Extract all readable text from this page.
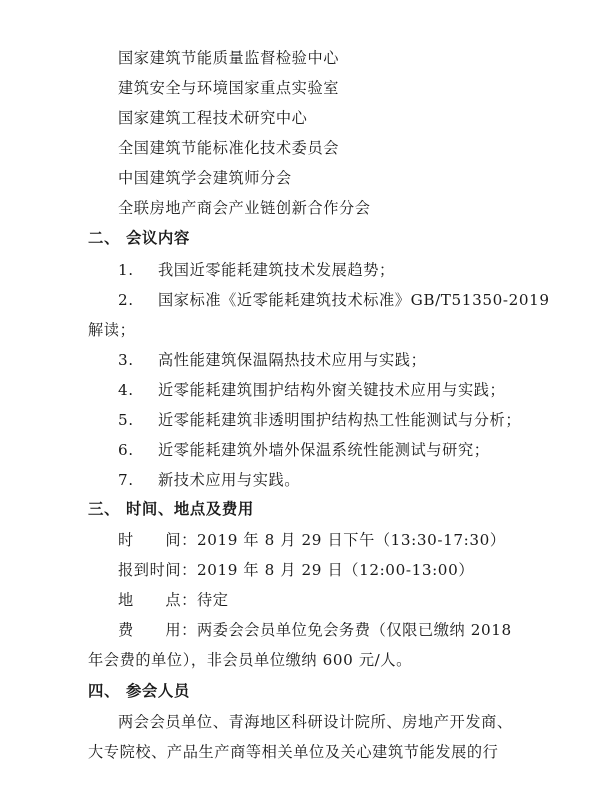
国家建筑节能质量监督检验中心
建筑安全与环境国家重点实验室
国家建筑工程技术研究中心
全国建筑节能标准化技术委员会
中国建筑学会建筑师分会
全联房地产商会产业链创新合作分会
二、 会议内容
1. 我国近零能耗建筑技术发展趋势；
2. 国家标准《近零能耗建筑技术标准》GB/T51350-2019
解读；
3. 高性能建筑保温隔热技术应用与实践；
4. 近零能耗建筑围护结构外窗关键技术应用与实践；
5. 近零能耗建筑非透明围护结构热工性能测试与分析；
6. 近零能耗建筑外墙外保温系统性能测试与研究；
7. 新技术应用与实践。
三、 时间、地点及费用
时　　间：2019 年 8 月 29 日下午（13:30-17:30）
报到时间：2019 年 8 月 29 日（12:00-13:00）
地　　点：待定
费　　用：两委会会员单位免会务费（仅限已缴纳 2018
年会费的单位），非会员单位缴纳 600 元/人。
四、 参会人员
两会会员单位、青海地区科研设计院所、房地产开发商、
大专院校、产品生产商等相关单位及关心建筑节能发展的行
